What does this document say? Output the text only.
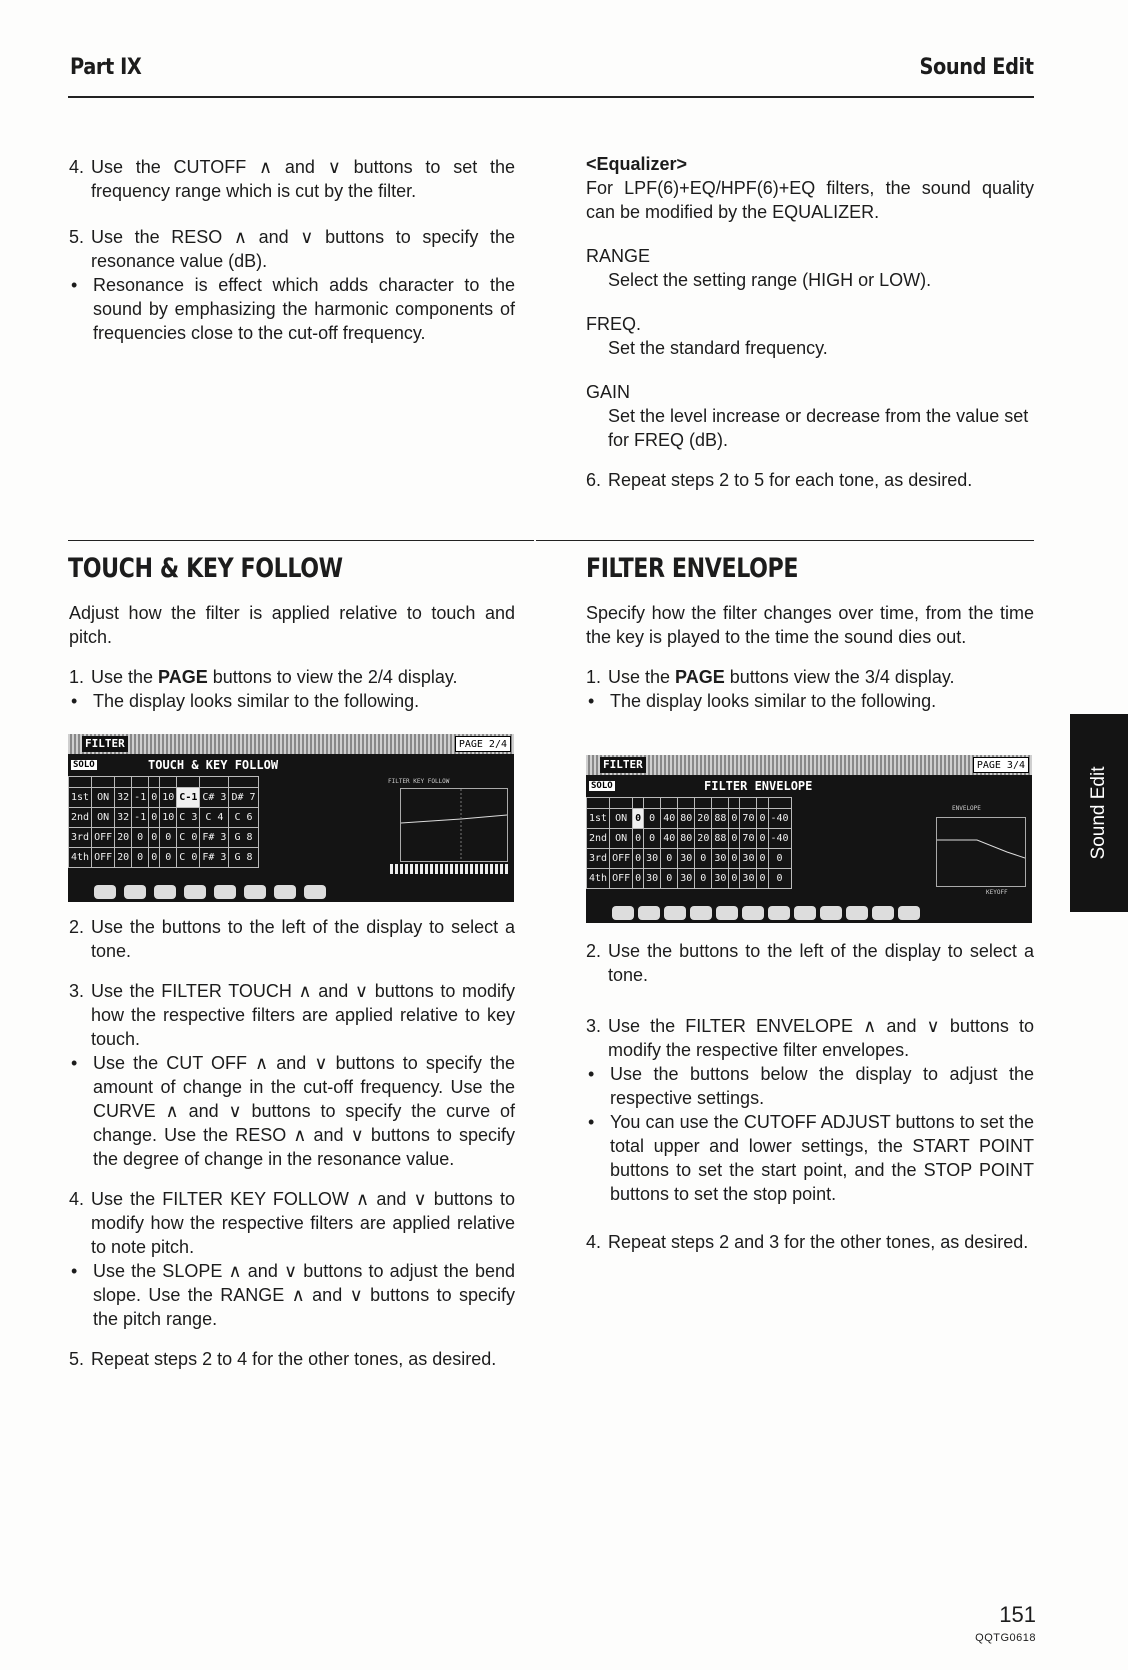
Part IX	Sound Edit
4. Use the CUTOFF ∧ and ∨ buttons to set the frequency range which is cut by the filter.
5. Use the RESO ∧ and ∨ buttons to specify the resonance value (dB).
• Resonance is effect which adds character to the sound by emphasizing the harmonic components of frequencies close to the cut-off frequency.
<Equalizer>
For LPF(6)+EQ/HPF(6)+EQ filters, the sound quality can be modified by the EQUALIZER.
RANGE
Select the setting range (HIGH or LOW).
FREQ.
Set the standard frequency.
GAIN
Set the level increase or decrease from the value set for FREQ (dB).
6. Repeat steps 2 to 5 for each tone, as desired.
TOUCH & KEY FOLLOW	FILTER ENVELOPE
Adjust how the filter is applied relative to touch and pitch.
1. Use the PAGE buttons to view the 2/4 display.
• The display looks similar to the following.
FILTER	PAGE 2/4
SOLO	TOUCH & KEY FOLLOW

1st	ON	32	-1	0	10	C-1	C# 3	D# 7
2nd	ON	32	-1	0	10	C 3	C 4	C 6
3rd	OFF	20	0	0	0	C 0	F# 3	G 8
4th	OFF	20	0	0	0	C 0	F# 3	G 8
FILTER KEY FOLLOW
2. Use the buttons to the left of the display to select a tone.
3. Use the FILTER TOUCH ∧ and ∨ buttons to modify how the respective filters are applied relative to key touch.
• Use the CUT OFF ∧ and ∨ buttons to specify the amount of change in the cut-off frequency. Use the CURVE ∧ and ∨ buttons to specify the curve of change. Use the RESO ∧ and ∨ buttons to specify the degree of change in the resonance value.
4. Use the FILTER KEY FOLLOW ∧ and ∨ buttons to modify how the respective filters are applied relative to note pitch.
• Use the SLOPE ∧ and ∨ buttons to adjust the bend slope. Use the RANGE ∧ and ∨ buttons to specify the pitch range.
5. Repeat steps 2 to 4 for the other tones, as desired.
Specify how the filter changes over time, from the time the key is played to the time the sound dies out.
1. Use the PAGE buttons view the 3/4 display.
• The display looks similar to the following.
FILTER	PAGE 3/4
SOLO	FILTER ENVELOPE

1st	ON	0	0	40	80	20	88	0	70	0	-40
2nd	ON	0	0	40	80	20	88	0	70	0	-40
3rd	OFF	0	30	0	30	0	30	0	30	0	0
4th	OFF	0	30	0	30	0	30	0	30	0	0
ENVELOPE
KEYOFF
2. Use the buttons to the left of the display to select a tone.
3. Use the FILTER ENVELOPE ∧ and ∨ buttons to modify the respective filter envelopes.
• Use the buttons below the display to adjust the respective settings.
• You can use the CUTOFF ADJUST buttons to set the total upper and lower settings, the START POINT buttons to set the start point, and the STOP POINT buttons to set the stop point.
4. Repeat steps 2 and 3 for the other tones, as desired.
Sound Edit
151
QQTG0618
